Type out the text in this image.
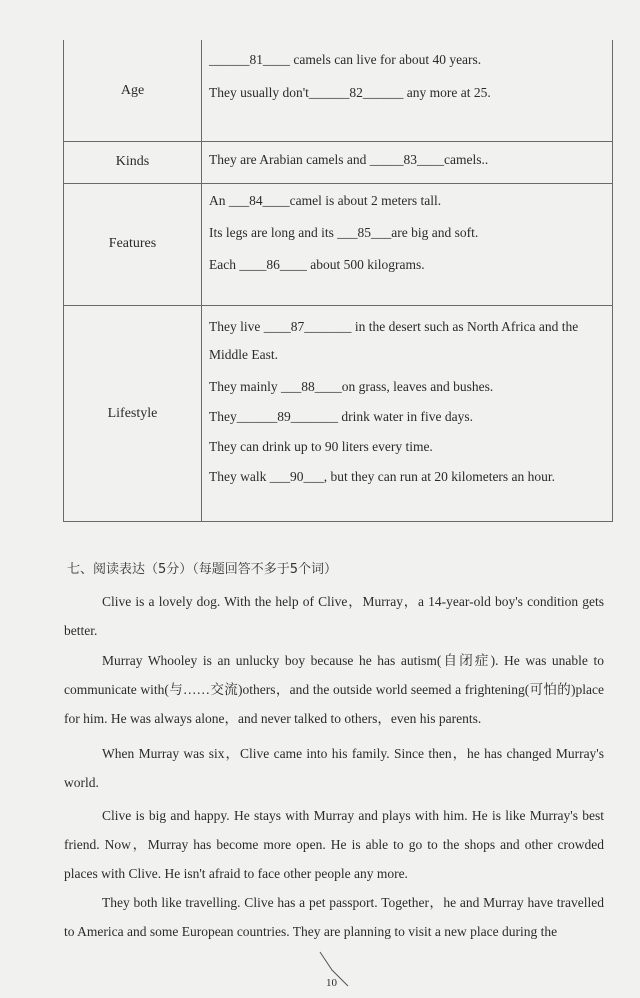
Age
______81____ camels can live for about 40 years.
They usually don't______82______ any more at 25.
Kinds	They are Arabian camels and _____83____camels..
Features
An ___84____camel is about 2 meters tall.
Its legs are long and its ___85___are big and soft.
Each ____86____ about 500 kilograms.
Lifestyle
They live ____87_______ in the desert such as North Africa and the
Middle East.
They mainly ___88____on grass, leaves and bushes.
They______89_______ drink water in five days.
They can drink up to 90 liters every time.
They walk ___90___, but they can run at 20 kilometers an hour.
七、阅读表达（5分）（每题回答不多于5个词）
Clive is a lovely dog. With the help of Clive，Murray，a 14-year-old boy's condition gets better.
Murray Whooley is an unlucky boy because he has autism(自闭症). He was unable to communicate with(与……交流)others，and the outside world seemed a frightening(可怕的)place for him. He was always alone，and never talked to others，even his parents.
When Murray was six，Clive came into his family. Since then，he has changed Murray's world.
Clive is big and happy. He stays with Murray and plays with him. He is like Murray's best friend. Now，Murray has become more open. He is able to go to the shops and other crowded places with Clive. He isn't afraid to face other people any more.
They both like travelling. Clive has a pet passport. Together，he and Murray have travelled to America and some European countries. They are planning to visit a new place during the
10
